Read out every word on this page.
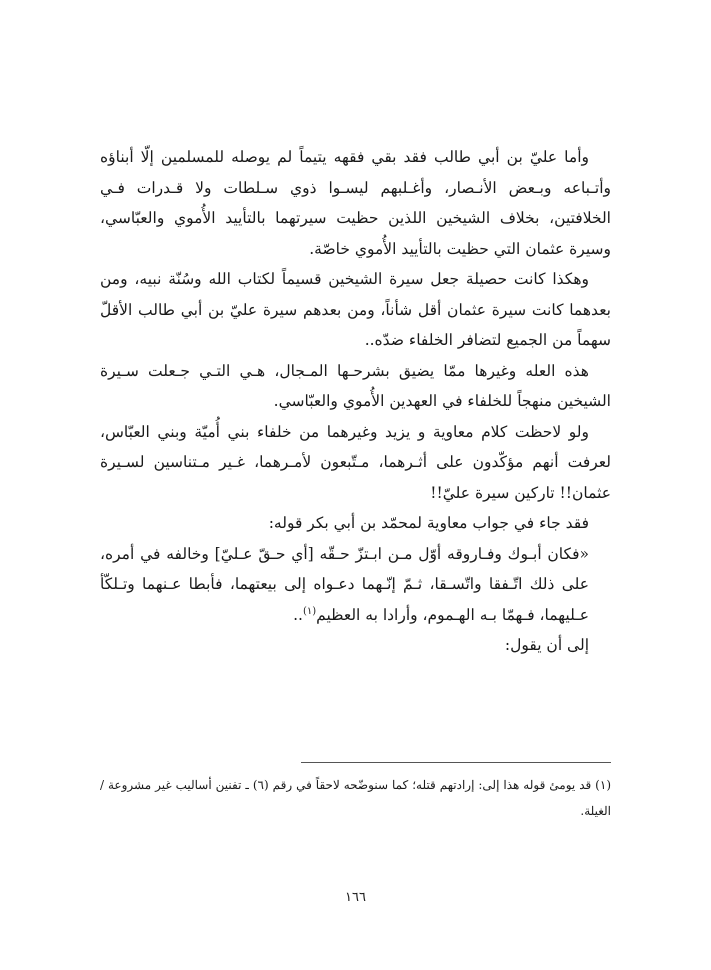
وأما عليّ بن أبي طالب فقد بقي فقهه يتيماً لم يوصله للمسلمين إلّا أبناؤه وأتـباعه وبـعض الأنـصار، وأغـلبهم ليسـوا ذوي سـلطات ولا قـدرات فـي الخلافتين، بخلاف الشيخين اللذين حظيت سيرتهما بالتأييد الأُموي والعبّاسي، وسيرة عثمان التي حظيت بالتأييد الأُموي خاصّة.

وهكذا كانت حصيلة جعل سيرة الشيخين قسيماً لكتاب الله وسُنّة نبيه، ومن بعدهما كانت سيرة عثمان أقل شأناً، ومن بعدهم سيرة عليّ بن أبي طالب الأقلّ سهماً من الجميع لتضافر الخلفاء ضدّه..

هذه العله وغيرها ممّا يضيق بشرحـها المـجال، هـي التـي جـعلت سـيرة الشيخين منهجاً للخلفاء في العهدين الأُموي والعبّاسي.

ولو لاحظت كلام معاوية و يزيد وغيرهما من خلفاء بني أُميّة وبني العبّاس، لعرفت أنهم مؤكّدون على أثـرهما، مـتّبعون لأمـرهما، غـير مـتناسين لسـيرة عثمان!! تاركين سيرة عليّ!!

فقد جاء في جواب معاوية لمحمّد بن أبي بكر قوله:

«فكان أبـوك وفـاروقه أوّل مـن ابـتزّ حـقّه [أي حـقّ عـليّ] وخالفه في أمره، على ذلك اتّـفقا واتّسـقا، ثـمّ إنّـهما دعـواه إلى بيعتهما، فأبطا عـنهما وتـلكّأ عـليهما، فـهمّا بـه الهـموم، وأرادا به العظيم$^{(١)}$..

إلى أن يقول:

(١) قد يومئ قوله هذا إلى: إرادتهم قتله؛ كما سنوضّحه لاحقاً في رقم (٦) ـ تفنين أساليب غير مشروعة / الغيلة.

١٦٦
